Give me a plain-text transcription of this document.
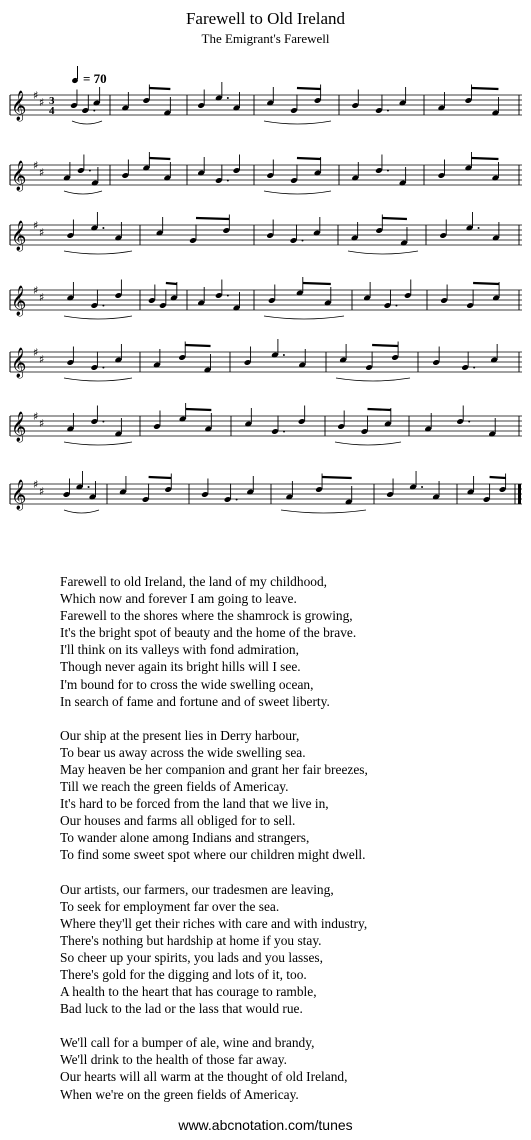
Farewell to Old Ireland
The Emigrant's Farewell
= 70
𝄞 ♯
♯ 3
4
𝄞 ♯
♯
𝄞 ♯
♯
𝄞 ♯
♯
𝄞 ♯
♯
𝄞 ♯
♯
𝄞 ♯
♯
Farewell to old Ireland, the land of my childhood,
Which now and forever I am going to leave.
Farewell to the shores where the shamrock is growing,
It's the bright spot of beauty and the home of the brave.
I'll think on its valleys with fond admiration,
Though never again its bright hills will I see.
I'm bound for to cross the wide swelling ocean,
In search of fame and fortune and of sweet liberty.
Our ship at the present lies in Derry harbour,
To bear us away across the wide swelling sea.
May heaven be her companion and grant her fair breezes,
Till we reach the green fields of Americay.
It's hard to be forced from the land that we live in,
Our houses and farms all obliged for to sell.
To wander alone among Indians and strangers,
To find some sweet spot where our children might dwell.
Our artists, our farmers, our tradesmen are leaving,
To seek for employment far over the sea.
Where they'll get their riches with care and with industry,
There's nothing but hardship at home if you stay.
So cheer up your spirits, you lads and you lasses,
There's gold for the digging and lots of it, too.
A health to the heart that has courage to ramble,
Bad luck to the lad or the lass that would rue.
We'll call for a bumper of ale, wine and brandy,
We'll drink to the health of those far away.
Our hearts will all warm at the thought of old Ireland,
When we're on the green fields of Americay.
www.abcnotation.com/tunes
